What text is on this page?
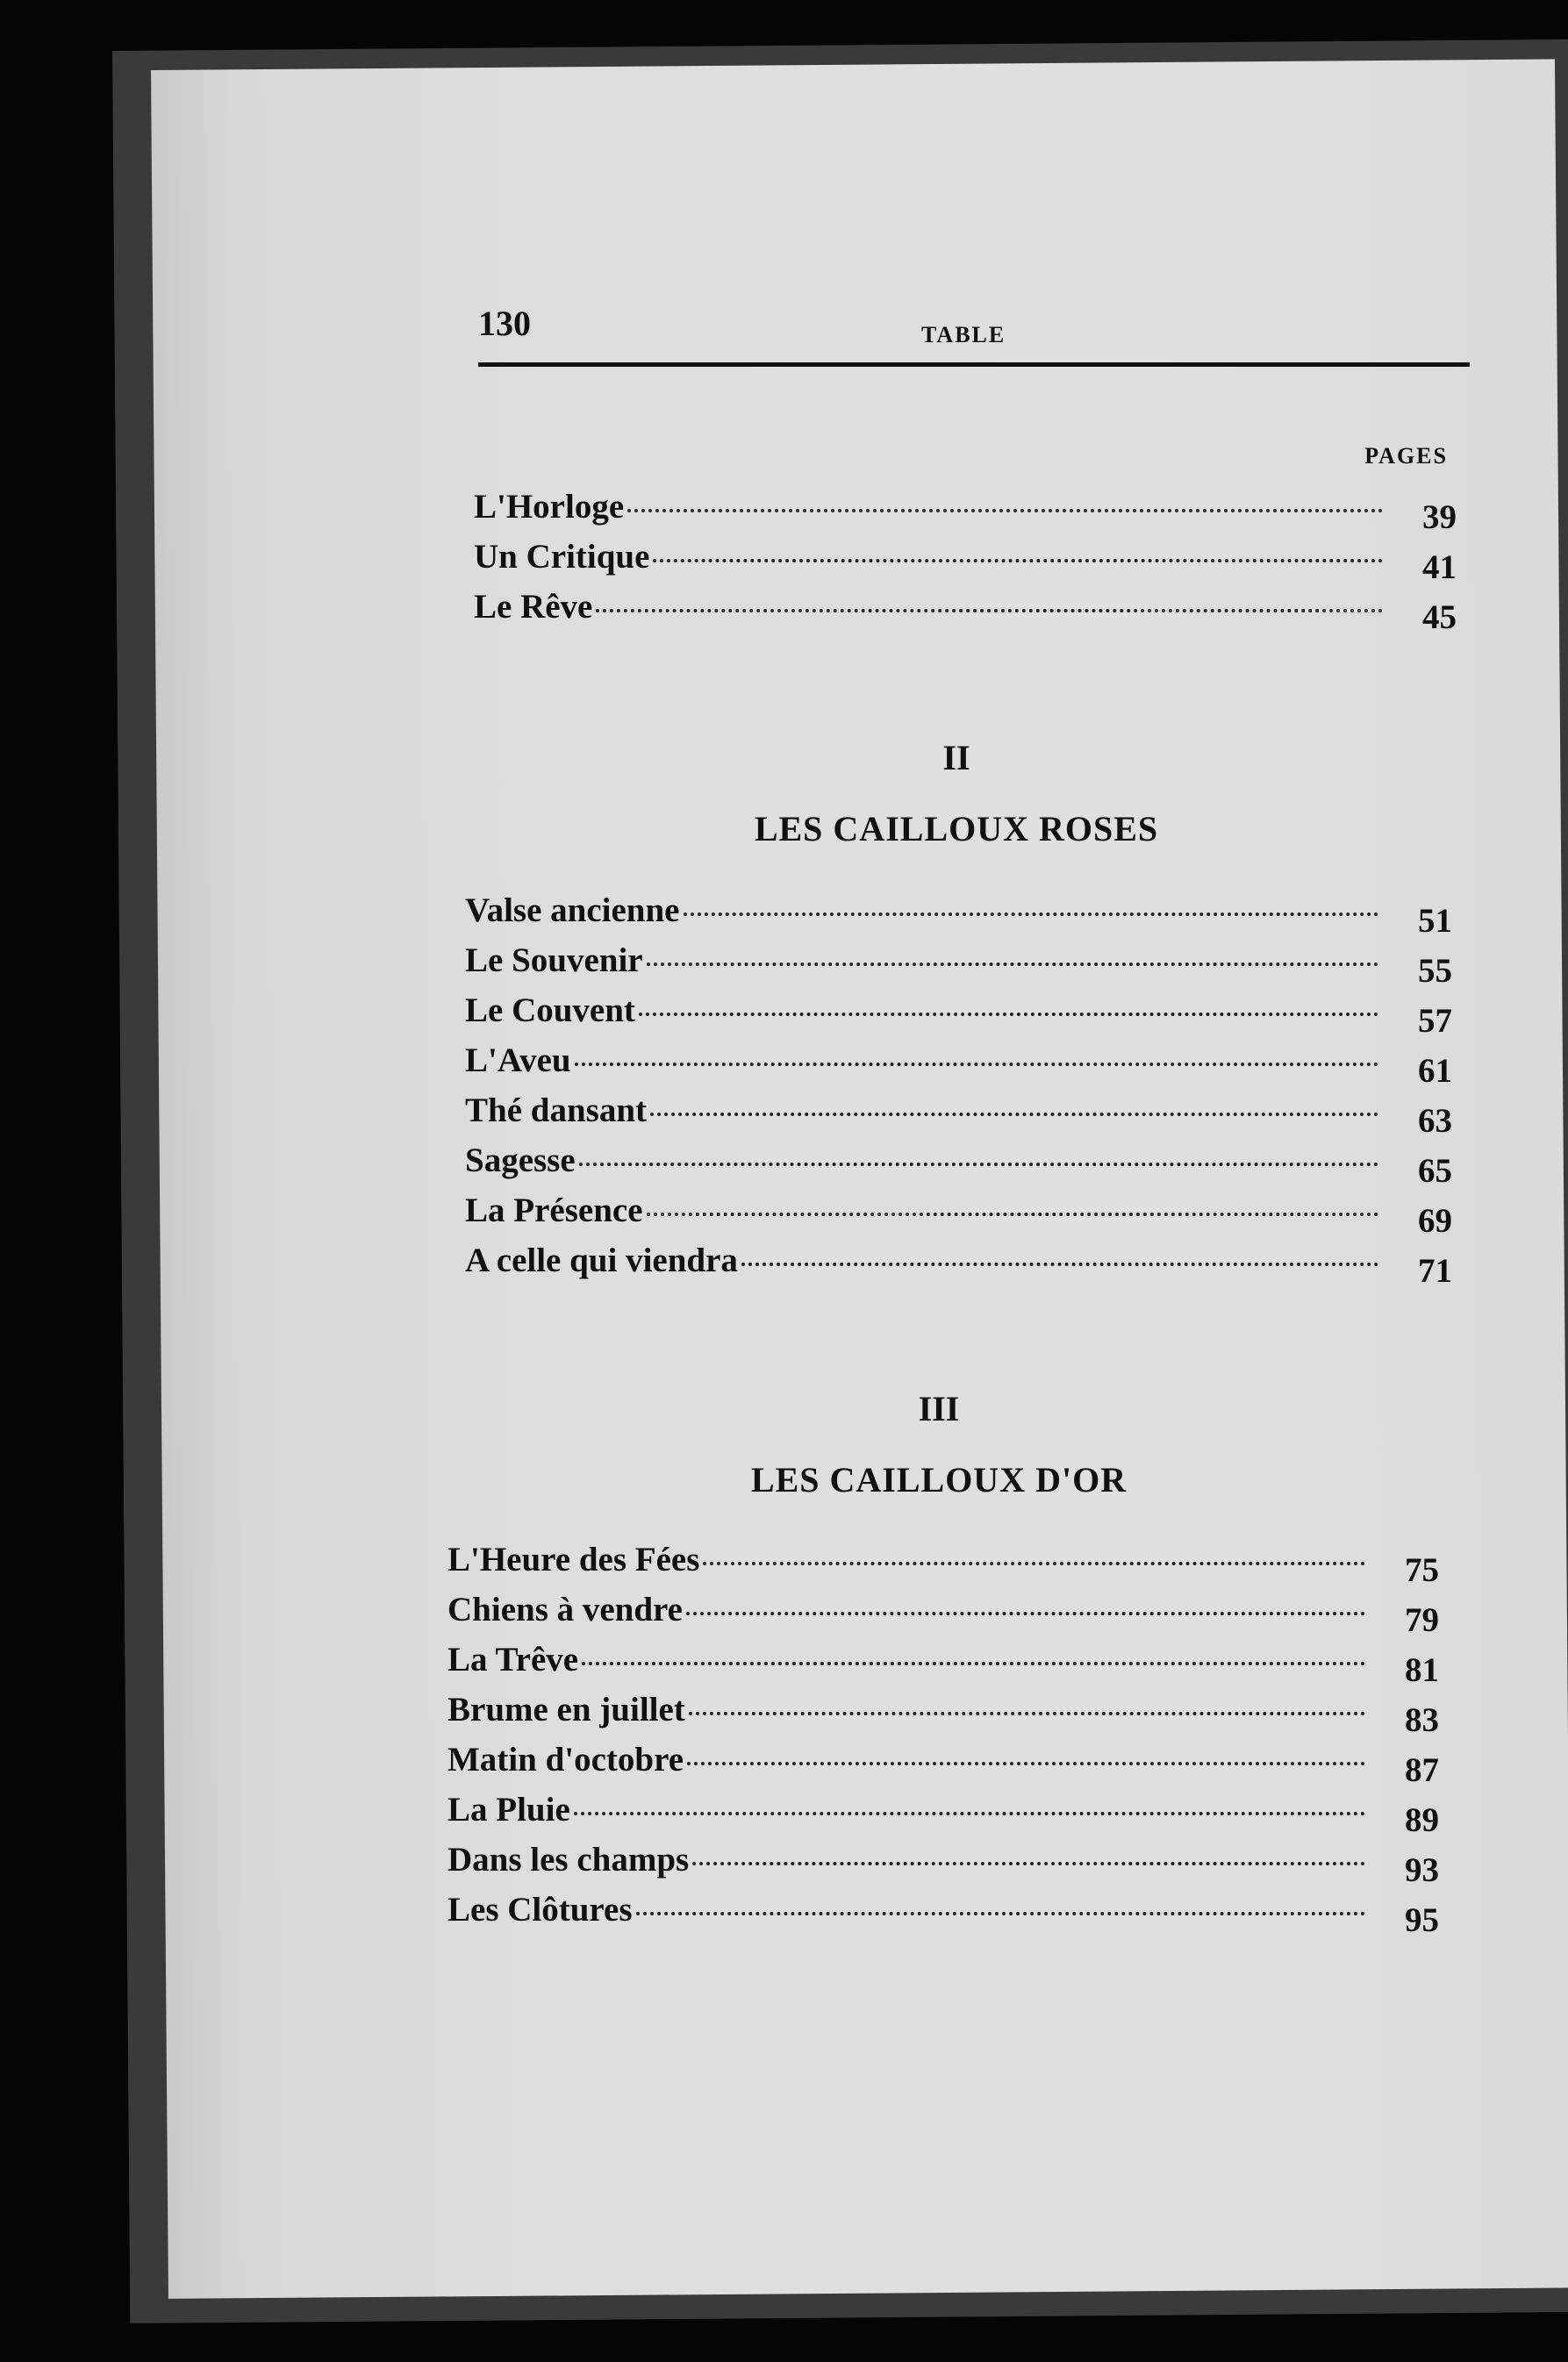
130	TABLE
PAGES
L'Horloge	39
Un Critique	41
Le Rêve	45
II
LES CAILLOUX ROSES
Valse ancienne	51
Le Souvenir	55
Le Couvent	57
L'Aveu	61
Thé dansant	63
Sagesse	65
La Présence	69
A celle qui viendra	71
III
LES CAILLOUX D'OR
L'Heure des Fées	75
Chiens à vendre	79
La Trêve	81
Brume en juillet	83
Matin d'octobre	87
La Pluie	89
Dans les champs	93
Les Clôtures	95
